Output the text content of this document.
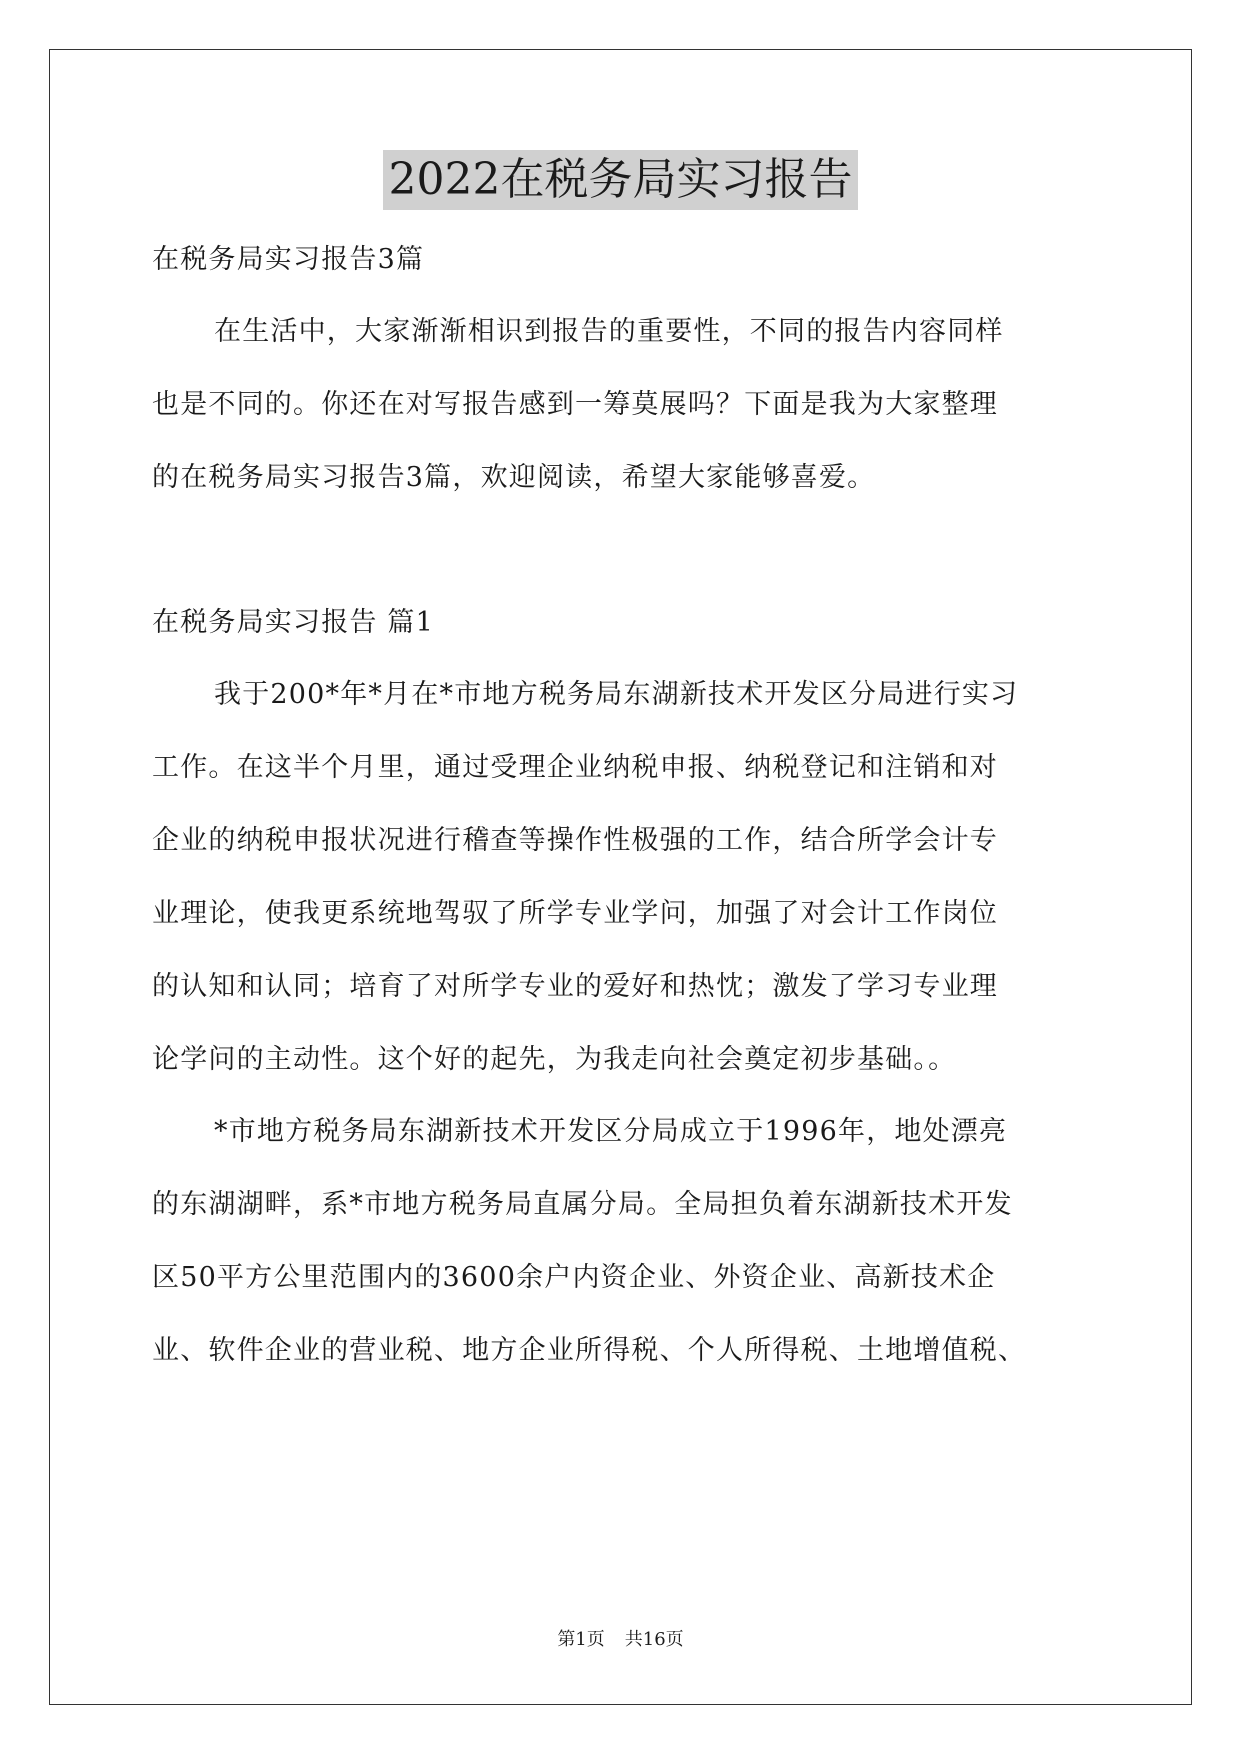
2022在税务局实习报告

在税务局实习报告3篇

在生活中，大家渐渐相识到报告的重要性，不同的报告内容同样

也是不同的。你还在对写报告感到一筹莫展吗？下面是我为大家整理

的在税务局实习报告3篇，欢迎阅读，希望大家能够喜爱。

在税务局实习报告 篇1

我于200*年*月在*市地方税务局东湖新技术开发区分局进行实习

工作。在这半个月里，通过受理企业纳税申报、纳税登记和注销和对

企业的纳税申报状况进行稽查等操作性极强的工作，结合所学会计专

业理论，使我更系统地驾驭了所学专业学问，加强了对会计工作岗位

的认知和认同；培育了对所学专业的爱好和热忱；激发了学习专业理

论学问的主动性。这个好的起先，为我走向社会奠定初步基础。。

*市地方税务局东湖新技术开发区分局成立于1996年，地处漂亮

的东湖湖畔，系*市地方税务局直属分局。全局担负着东湖新技术开发

区50平方公里范围内的3600余户内资企业、外资企业、高新技术企

业、软件企业的营业税、地方企业所得税、个人所得税、土地增值税、

第1页 共16页
